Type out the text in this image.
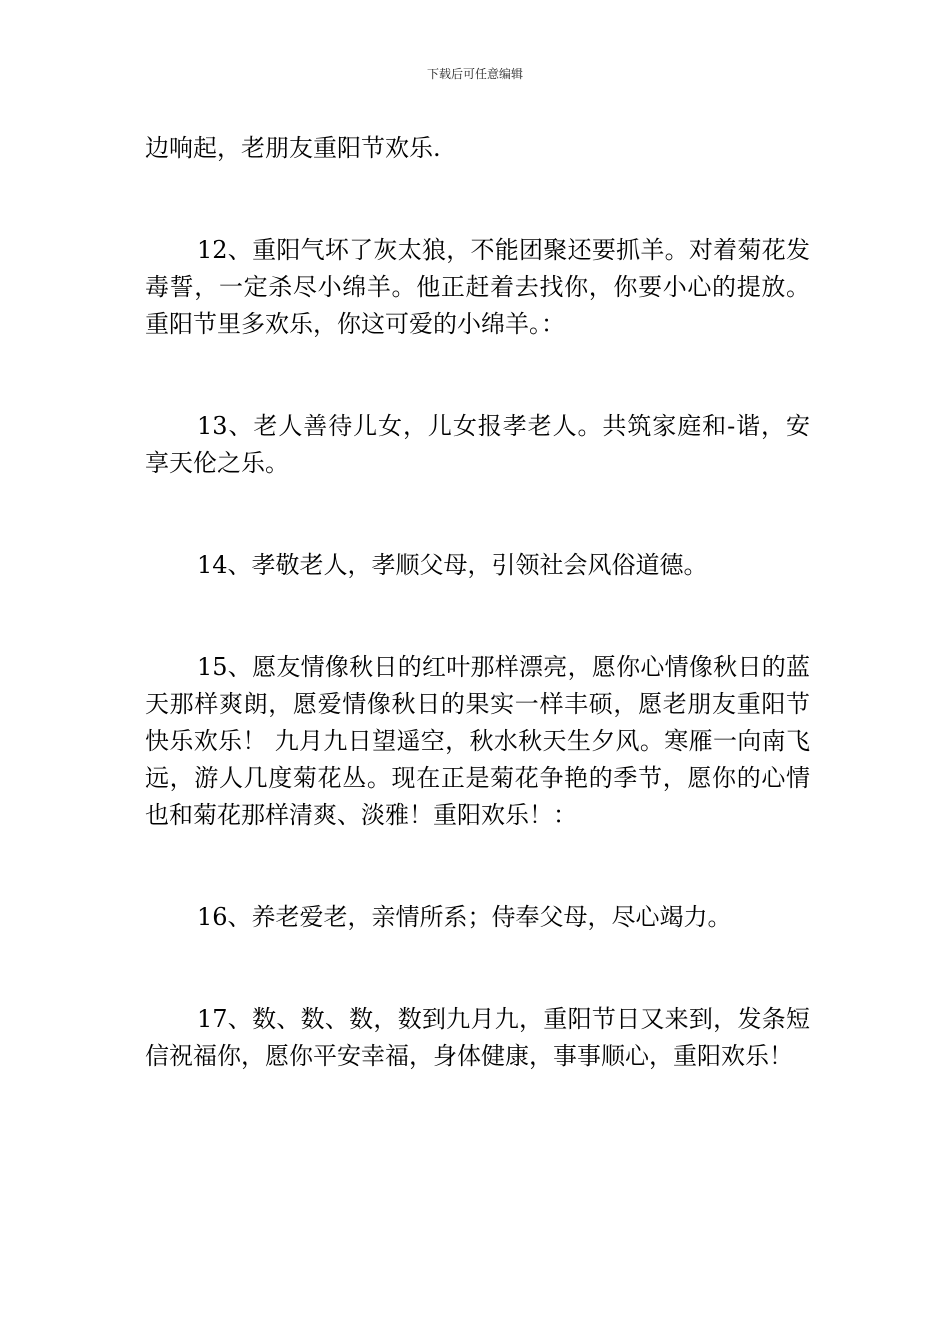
下载后可任意编辑

边响起，老朋友重阳节欢乐.

12、重阳气坏了灰太狼，不能团聚还要抓羊。对着菊花发毒誓，一定杀尽小绵羊。他正赶着去找你，你要小心的提放。重阳节里多欢乐，你这可爱的小绵羊。：

13、老人善待儿女，儿女报孝老人。共筑家庭和-谐，安享天伦之乐。

14、孝敬老人，孝顺父母，引领社会风俗道德。

15、愿友情像秋日的红叶那样漂亮，愿你心情像秋日的蓝天那样爽朗，愿爱情像秋日的果实一样丰硕，愿老朋友重阳节快乐欢乐！ 九月九日望遥空，秋水秋天生夕风。寒雁一向南飞远，游人几度菊花丛。现在正是菊花争艳的季节，愿你的心情也和菊花那样清爽、淡雅！重阳欢乐！：

16、养老爱老，亲情所系；侍奉父母，尽心竭力。

17、数、数、数，数到九月九，重阳节日又来到，发条短信祝福你，愿你平安幸福，身体健康，事事顺心，重阳欢乐！
